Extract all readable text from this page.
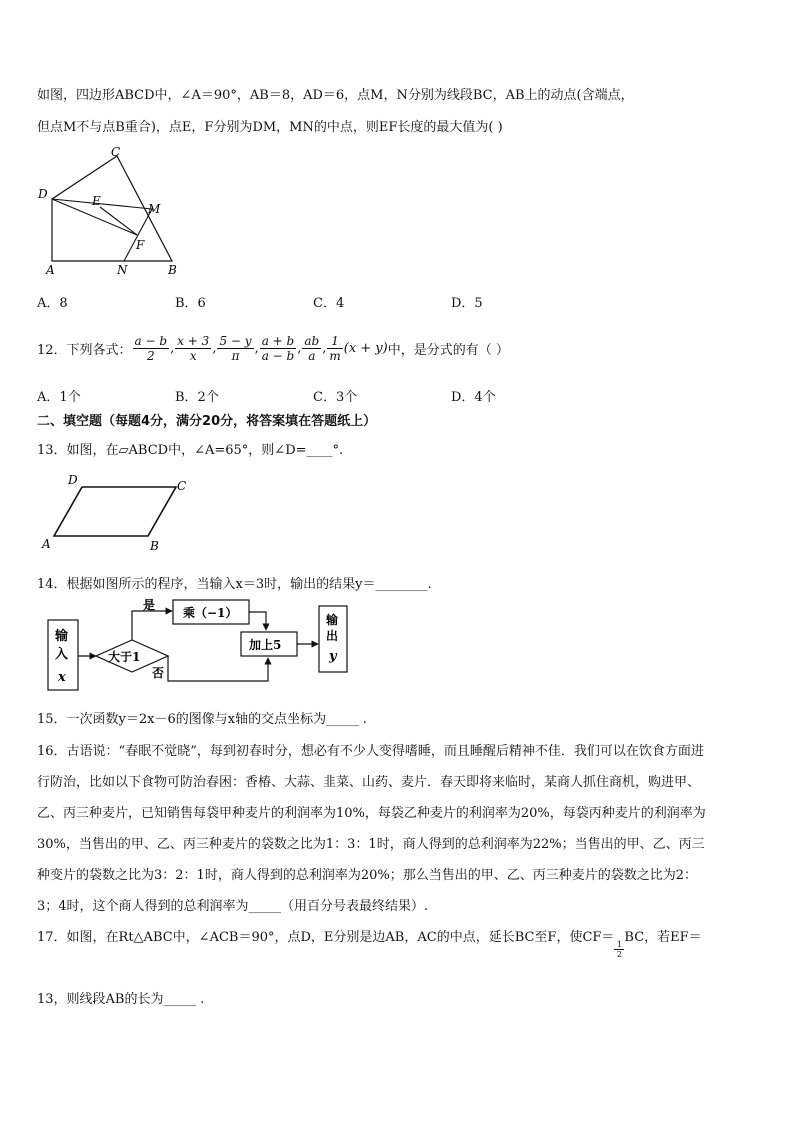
如图，四边形ABCD中，∠A＝90°，AB＝8，AD＝6，点M，N分别为线段BC，AB上的动点(含端点，
但点M不与点B重合)，点E，F分别为DM，MN的中点，则EF长度的最大值为( )
C
D	E
M
F
A	N	B
A．8	B．6	C．4	D．5
12．下列各式： $\frac{a - b}{2}$ , $\frac{x + 3}{x}$ , $\frac{5 - y}{\pi}$ , $\frac{a + b}{a - b}$ , $\frac{ab}{a}$ , $\frac{1}{m} (x + y)$ 中，是分式的有（ ）
A．1个	B．2个	C．3个	D．4个
二、填空题（每题4分，满分20分，将答案填在答题纸上）
13．如图，在▱ABCD中，∠A=65°，则∠D=____°.
D	C
A	B
14．根据如图所示的程序，当输入x＝3时，输出的结果y＝________.
输
入
x
大于1
是
乘（−1）
加上5
否
输
出
y
15．一次函数y＝2x－6的图像与x轴的交点坐标为_____ .
16．古语说：“春眠不觉晓”，每到初春时分，想必有不少人变得嗜睡，而且睡醒后精神不佳．我们可以在饮食方面进
行防治，比如以下食物可防治春困：香椿、大蒜、韭菜、山药、麦片．春天即将来临时，某商人抓住商机，购进甲、
乙、丙三种麦片，已知销售每袋甲种麦片的利润率为10%，每袋乙种麦片的利润率为20%，每袋丙种麦片的利润率为
30%，当售出的甲、乙、丙三种麦片的袋数之比为1：3：1时，商人得到的总利润率为22%；当售出的甲、乙、丙三
种变片的袋数之比为3：2：1时，商人得到的总利润率为20%；那么当售出的甲、乙、丙三种麦片的袋数之比为2：
3；4时，这个商人得到的总利润率为_____（用百分号表最终结果）.
17．如图，在Rt△ABC中，∠ACB＝90°，点D，E分别是边AB，AC的中点，延长BC至F，使CF＝ 1
2
BC，若EF＝
13，则线段AB的长为_____ .
